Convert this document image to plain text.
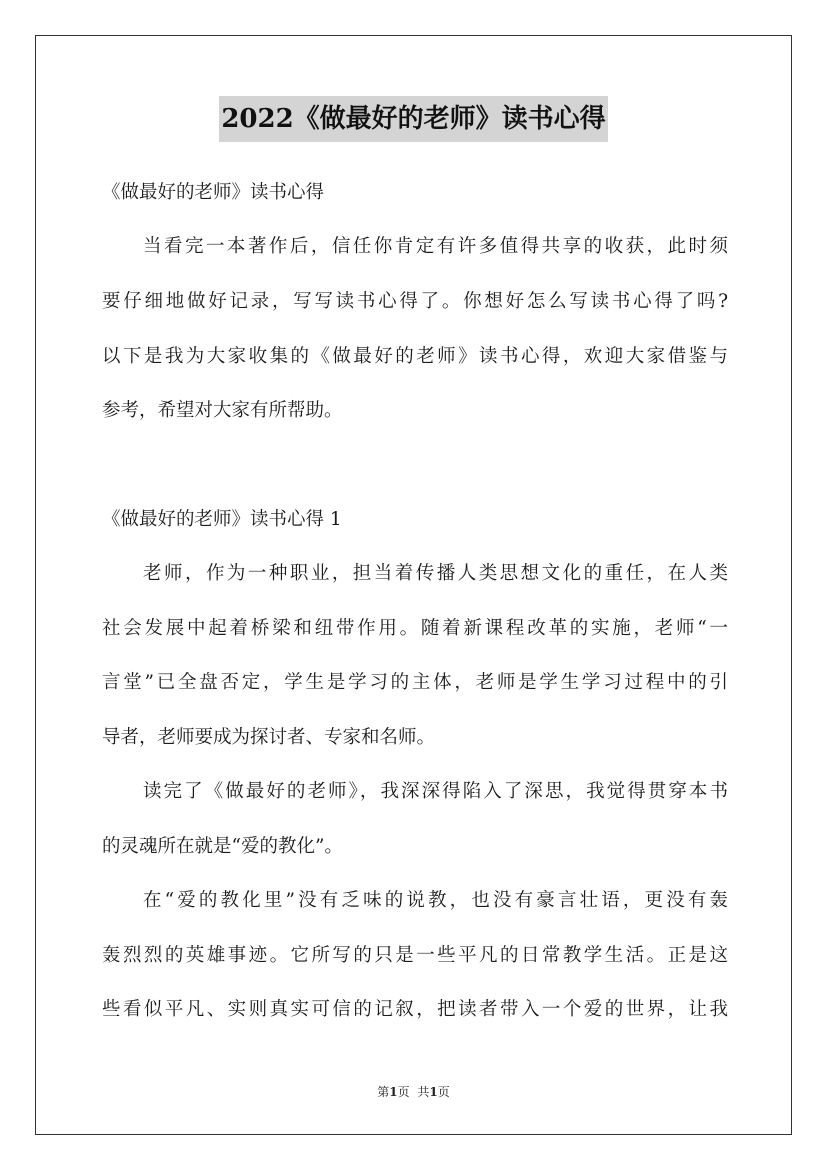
2022《做最好的老师》读书心得
《做最好的老师》读书心得
当看完一本著作后，信任你肯定有许多值得共享的收获，此时须
要仔细地做好记录，写写读书心得了。你想好怎么写读书心得了吗?
以下是我为大家收集的《做最好的老师》读书心得，欢迎大家借鉴与
参考，希望对大家有所帮助。
《做最好的老师》读书心得 1
老师，作为一种职业，担当着传播人类思想文化的重任，在人类
社会发展中起着桥梁和纽带作用。随着新课程改革的实施，老师“一
言堂”已全盘否定，学生是学习的主体，老师是学生学习过程中的引
导者，老师要成为探讨者、专家和名师。
读完了《做最好的老师》，我深深得陷入了深思，我觉得贯穿本书
的灵魂所在就是“爱的教化”。
在“爱的教化里”没有乏味的说教，也没有豪言壮语，更没有轰
轰烈烈的英雄事迹。它所写的只是一些平凡的日常教学生活。正是这
些看似平凡、实则真实可信的记叙，把读者带入一个爱的世界，让我
第1页 共1页
